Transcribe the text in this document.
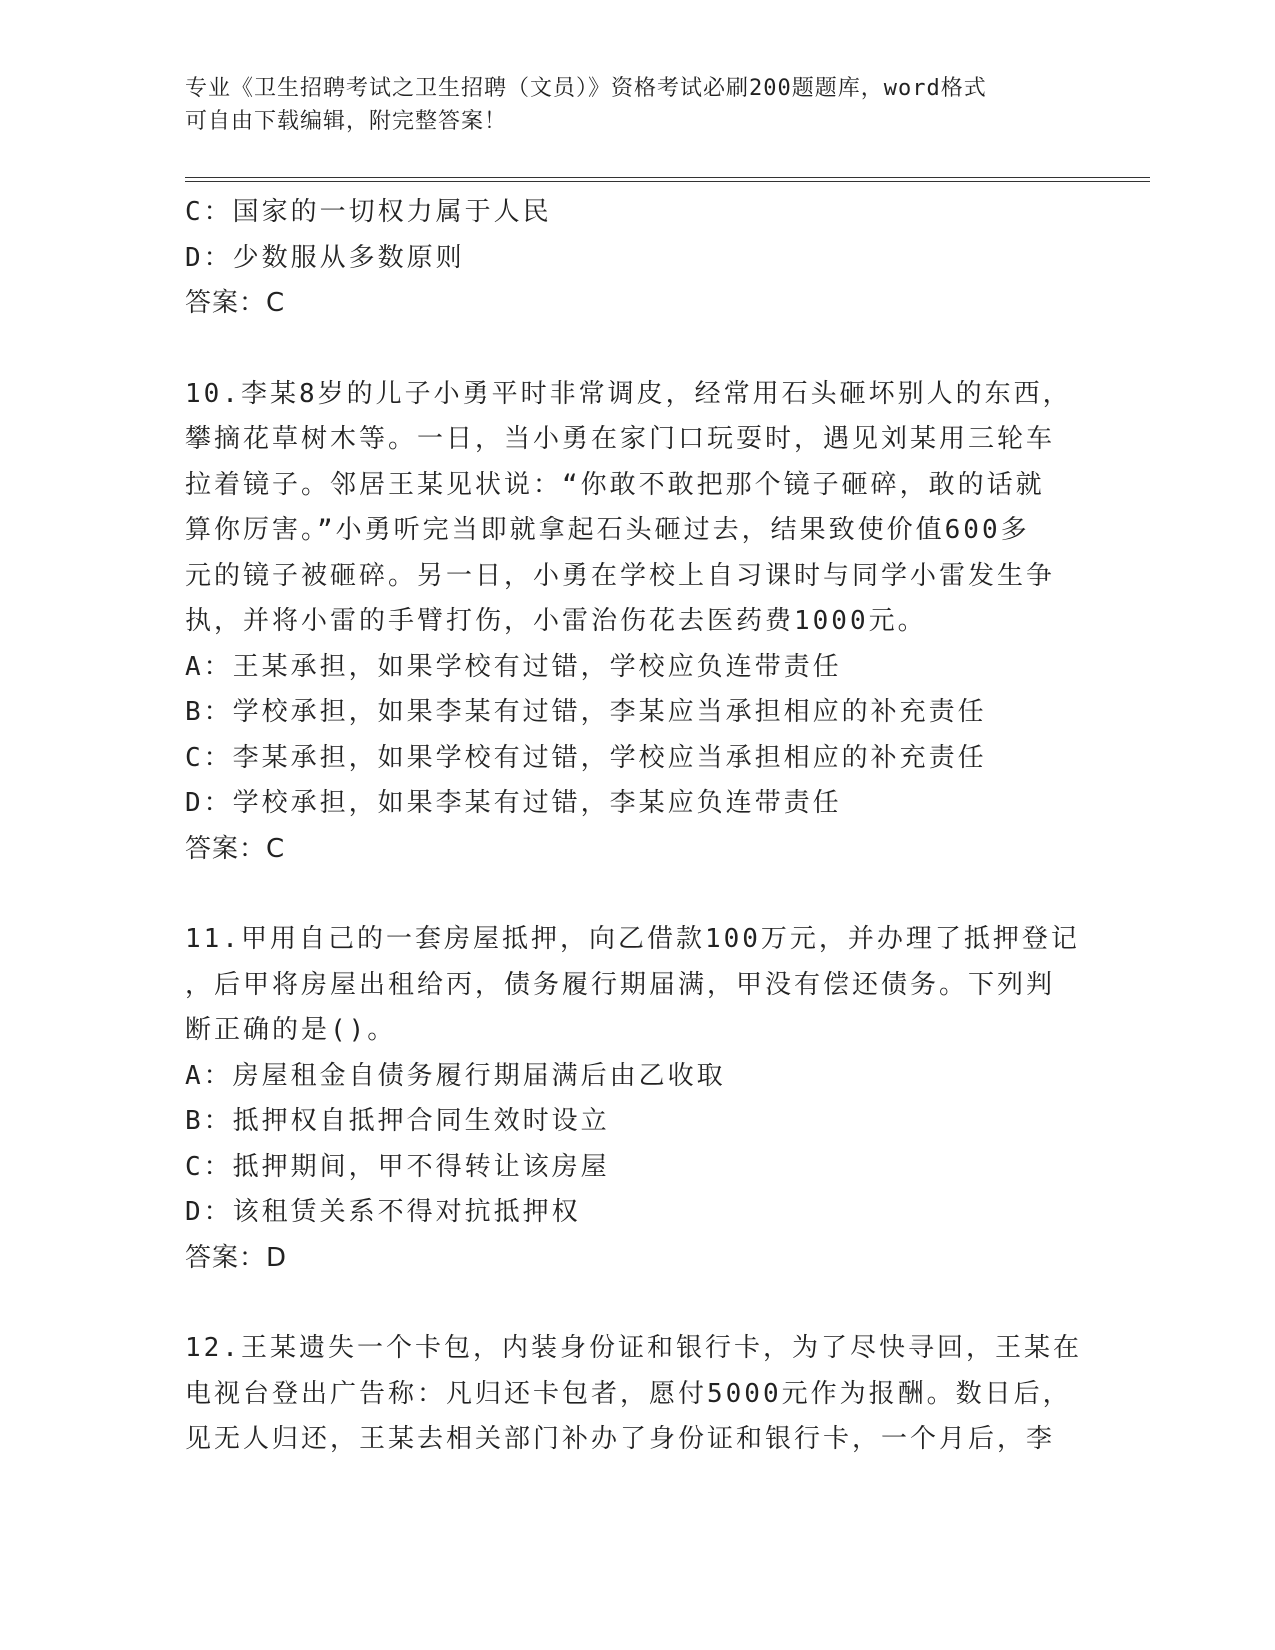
专业《卫生招聘考试之卫生招聘（文员）》资格考试必刷200题题库，word格式
可自由下载编辑，附完整答案！
C：国家的一切权力属于人民
D：少数服从多数原则
答案：C
10.李某8岁的儿子小勇平时非常调皮，经常用石头砸坏别人的东西，
攀摘花草树木等。一日，当小勇在家门口玩耍时，遇见刘某用三轮车
拉着镜子。邻居王某见状说：“你敢不敢把那个镜子砸碎，敢的话就
算你厉害。”小勇听完当即就拿起石头砸过去，结果致使价值600多
元的镜子被砸碎。另一日，小勇在学校上自习课时与同学小雷发生争
执，并将小雷的手臂打伤，小雷治伤花去医药费1000元。
A：王某承担，如果学校有过错，学校应负连带责任
B：学校承担，如果李某有过错，李某应当承担相应的补充责任
C：李某承担，如果学校有过错，学校应当承担相应的补充责任
D：学校承担，如果李某有过错，李某应负连带责任
答案：C
11.甲用自己的一套房屋抵押，向乙借款100万元，并办理了抵押登记
，后甲将房屋出租给丙，债务履行期届满，甲没有偿还债务。下列判
断正确的是()。
A：房屋租金自债务履行期届满后由乙收取
B：抵押权自抵押合同生效时设立
C：抵押期间，甲不得转让该房屋
D：该租赁关系不得对抗抵押权
答案：D
12.王某遗失一个卡包，内装身份证和银行卡，为了尽快寻回，王某在
电视台登出广告称：凡归还卡包者，愿付5000元作为报酬。数日后，
见无人归还，王某去相关部门补办了身份证和银行卡，一个月后，李
